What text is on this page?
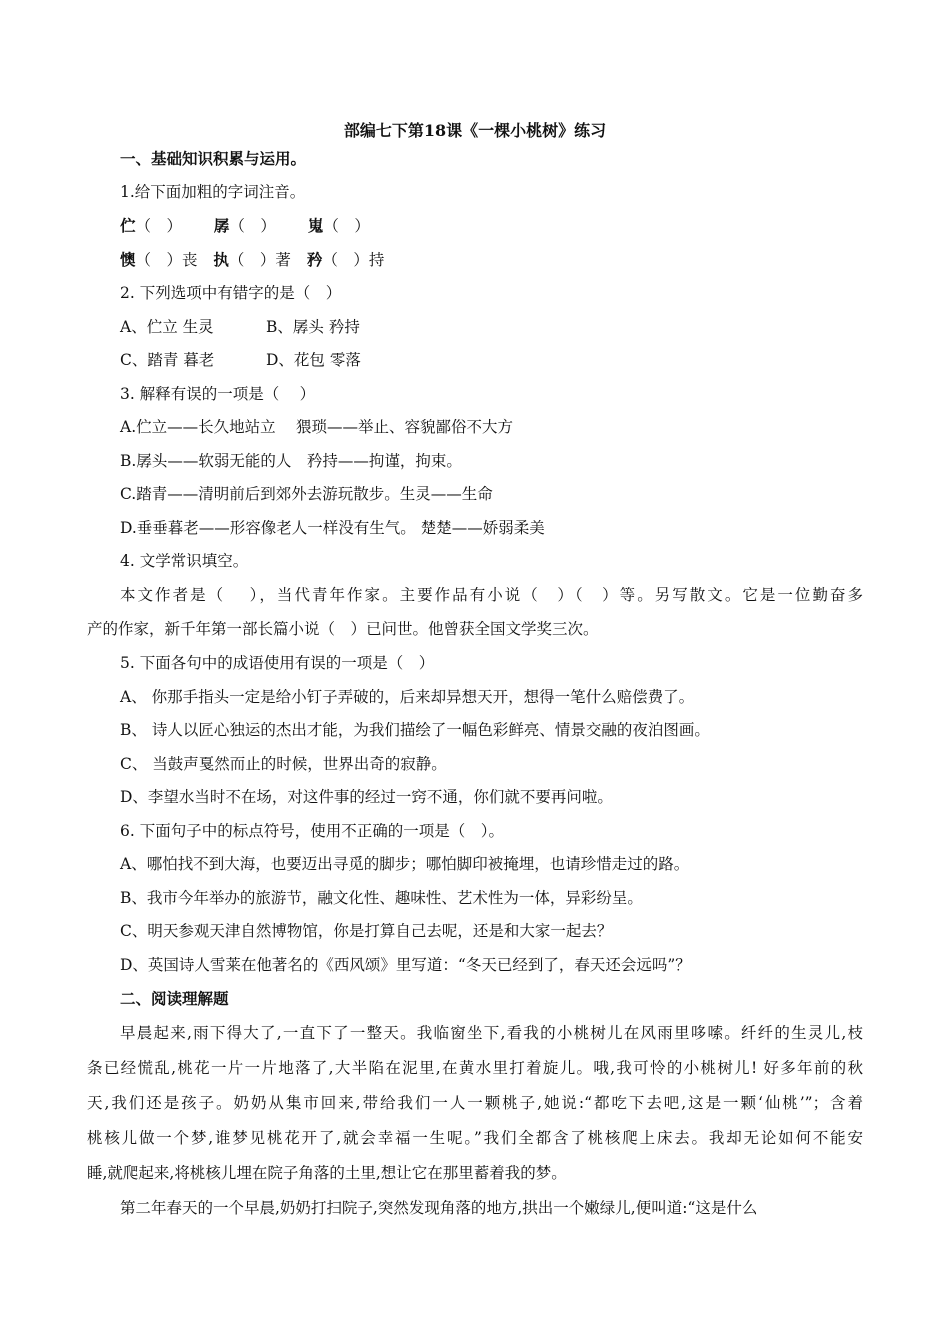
部编七下第18课《一棵小桃树》练习
一、基础知识积累与运用。
1.给下面加粗的字词注音。
伫（　） 孱（　） 嵬（　）
懊（　）丧 执（　）著 矜（　）持
2. 下列选项中有错字的是（　）
A、伫立 生灵	B、孱头 矜持
C、踏青 暮老	D、花包 零落
3. 解释有误的一项是（　 ）
A.伫立——长久地站立　 猥琐——举止、容貌鄙俗不大方
B.孱头——软弱无能的人　矜持——拘谨，拘束。
C.踏青——清明前后到郊外去游玩散步。生灵——生命
D.垂垂暮老——形容像老人一样没有生气。 楚楚——娇弱柔美
4. 文学常识填空。
本文作者是（　 ），当代青年作家。主要作品有小说（　）（　）等。另写散文。它是一位勤奋多
产的作家，新千年第一部长篇小说（　）已问世。他曾获全国文学奖三次。
5. 下面各句中的成语使用有误的一项是（　）
A、 你那手指头一定是给小钉子弄破的，后来却异想天开，想得一笔什么赔偿费了。
B、 诗人以匠心独运的杰出才能，为我们描绘了一幅色彩鲜亮、情景交融的夜泊图画。
C、 当鼓声戛然而止的时候，世界出奇的寂静。
D、李望水当时不在场，对这件事的经过一窍不通，你们就不要再问啦。
6. 下面句子中的标点符号，使用不正确的一项是（　）。
A、哪怕找不到大海，也要迈出寻觅的脚步；哪怕脚印被掩埋，也请珍惜走过的路。
B、我市今年举办的旅游节，融文化性、趣味性、艺术性为一体，异彩纷呈。
C、明天参观天津自然博物馆，你是打算自己去呢，还是和大家一起去？
D、英国诗人雪莱在他著名的《西风颂》里写道：“冬天已经到了，春天还会远吗”？
二、阅读理解题
早晨起来,雨下得大了,一直下了一整天。我临窗坐下,看我的小桃树儿在风雨里哆嗦。纤纤的生灵儿,枝
条已经慌乱,桃花一片一片地落了,大半陷在泥里,在黄水里打着旋儿。哦,我可怜的小桃树儿! 好多年前的秋
天,我们还是孩子。奶奶从集市回来,带给我们一人一颗桃子,她说:“都吃下去吧,这是一颗‘仙桃’”；含着
桃核儿做一个梦,谁梦见桃花开了,就会幸福一生呢。”我们全都含了桃核爬上床去。我却无论如何不能安
睡,就爬起来,将桃核儿埋在院子角落的土里,想让它在那里蓄着我的梦。
第二年春天的一个早晨,奶奶打扫院子,突然发现角落的地方,拱出一个嫩绿儿,便叫道:“这是什么
